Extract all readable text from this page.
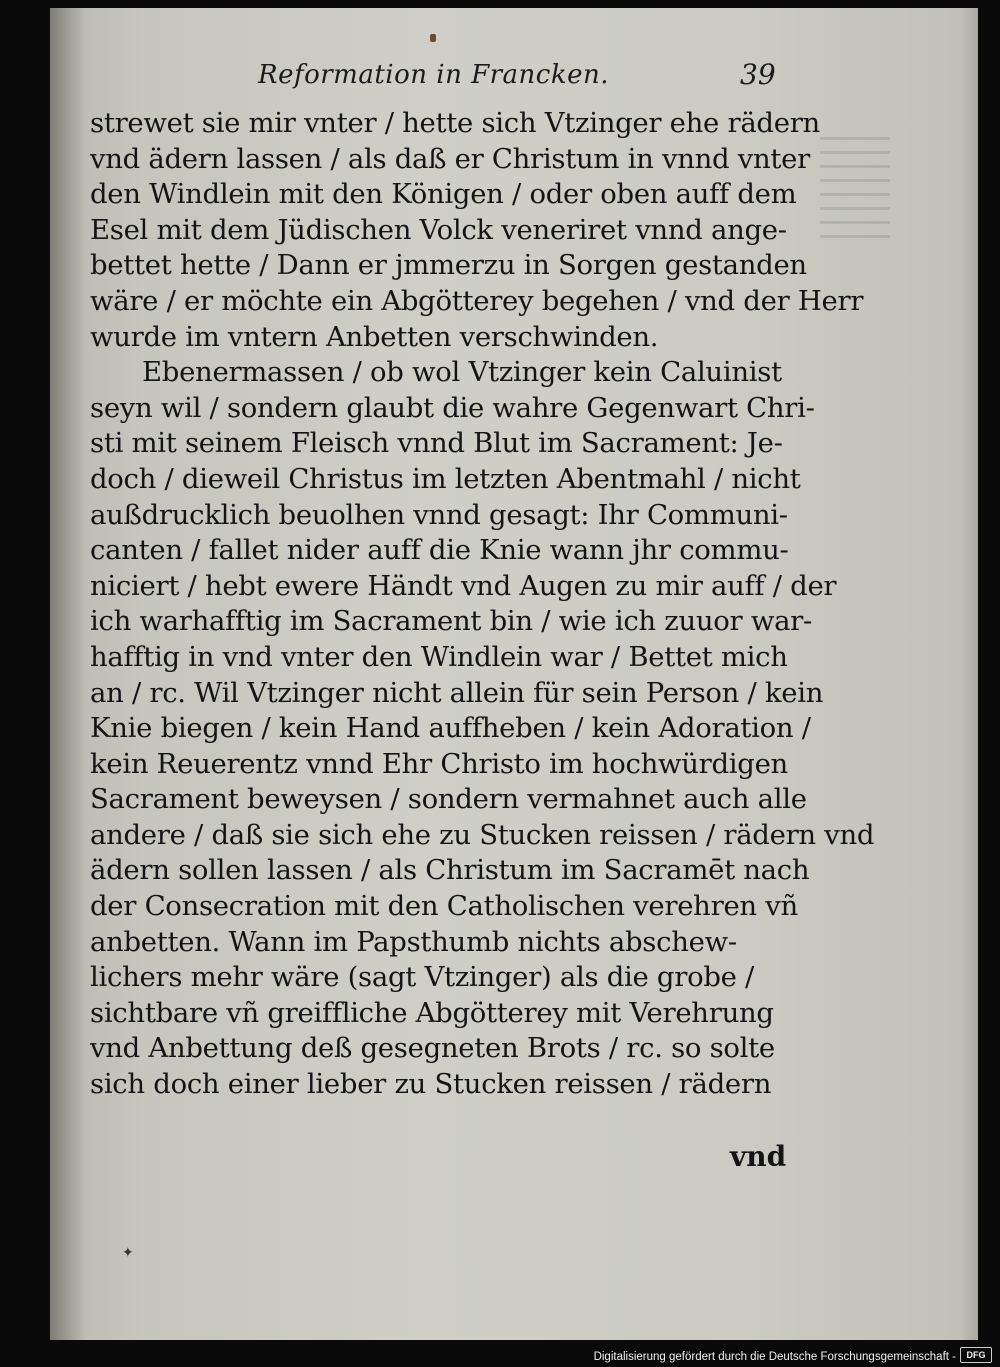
Reformation in Francken.	39
strewet sie mir vnter / hette sich Vtzinger ehe rädern
vnd ädern lassen / als daß er Christum in vnnd vnter
den Windlein mit den Königen / oder oben auff dem
Esel mit dem Jüdischen Volck veneriret vnnd ange-
bettet hette / Dann er jmmerzu in Sorgen gestanden
wäre / er möchte ein Abgötterey begehen / vnd der Herr
wurde im vntern Anbetten verschwinden.
Ebenermassen / ob wol Vtzinger kein Caluinist
seyn wil / sondern glaubt die wahre Gegenwart Chri-
sti mit seinem Fleisch vnnd Blut im Sacrament: Je-
doch / dieweil Christus im letzten Abentmahl / nicht
außdrucklich beuolhen vnnd gesagt: Ihr Communi-
canten / fallet nider auff die Knie wann jhr commu-
niciert / hebt ewere Händt vnd Augen zu mir auff / der
ich warhafftig im Sacrament bin / wie ich zuuor war-
hafftig in vnd vnter den Windlein war / Bettet mich
an / rc. Wil Vtzinger nicht allein für sein Person / kein
Knie biegen / kein Hand auffheben / kein Adoration /
kein Reuerentz vnnd Ehr Christo im hochwürdigen
Sacrament beweysen / sondern vermahnet auch alle
andere / daß sie sich ehe zu Stucken reissen / rädern vnd
ädern sollen lassen / als Christum im Sacramēt nach
der Consecration mit den Catholischen verehren vñ
anbetten. Wann im Papsthumb nichts abschew-
lichers mehr wäre (sagt Vtzinger) als die grobe /
sichtbare vñ greiffliche Abgötterey mit Verehrung
vnd Anbettung deß gesegneten Brots / rc. so solte
sich doch einer lieber zu Stucken reissen / rädern
vnd
✦
Digitalisierung gefördert durch die Deutsche Forschungsgemeinschaft -	DFG
